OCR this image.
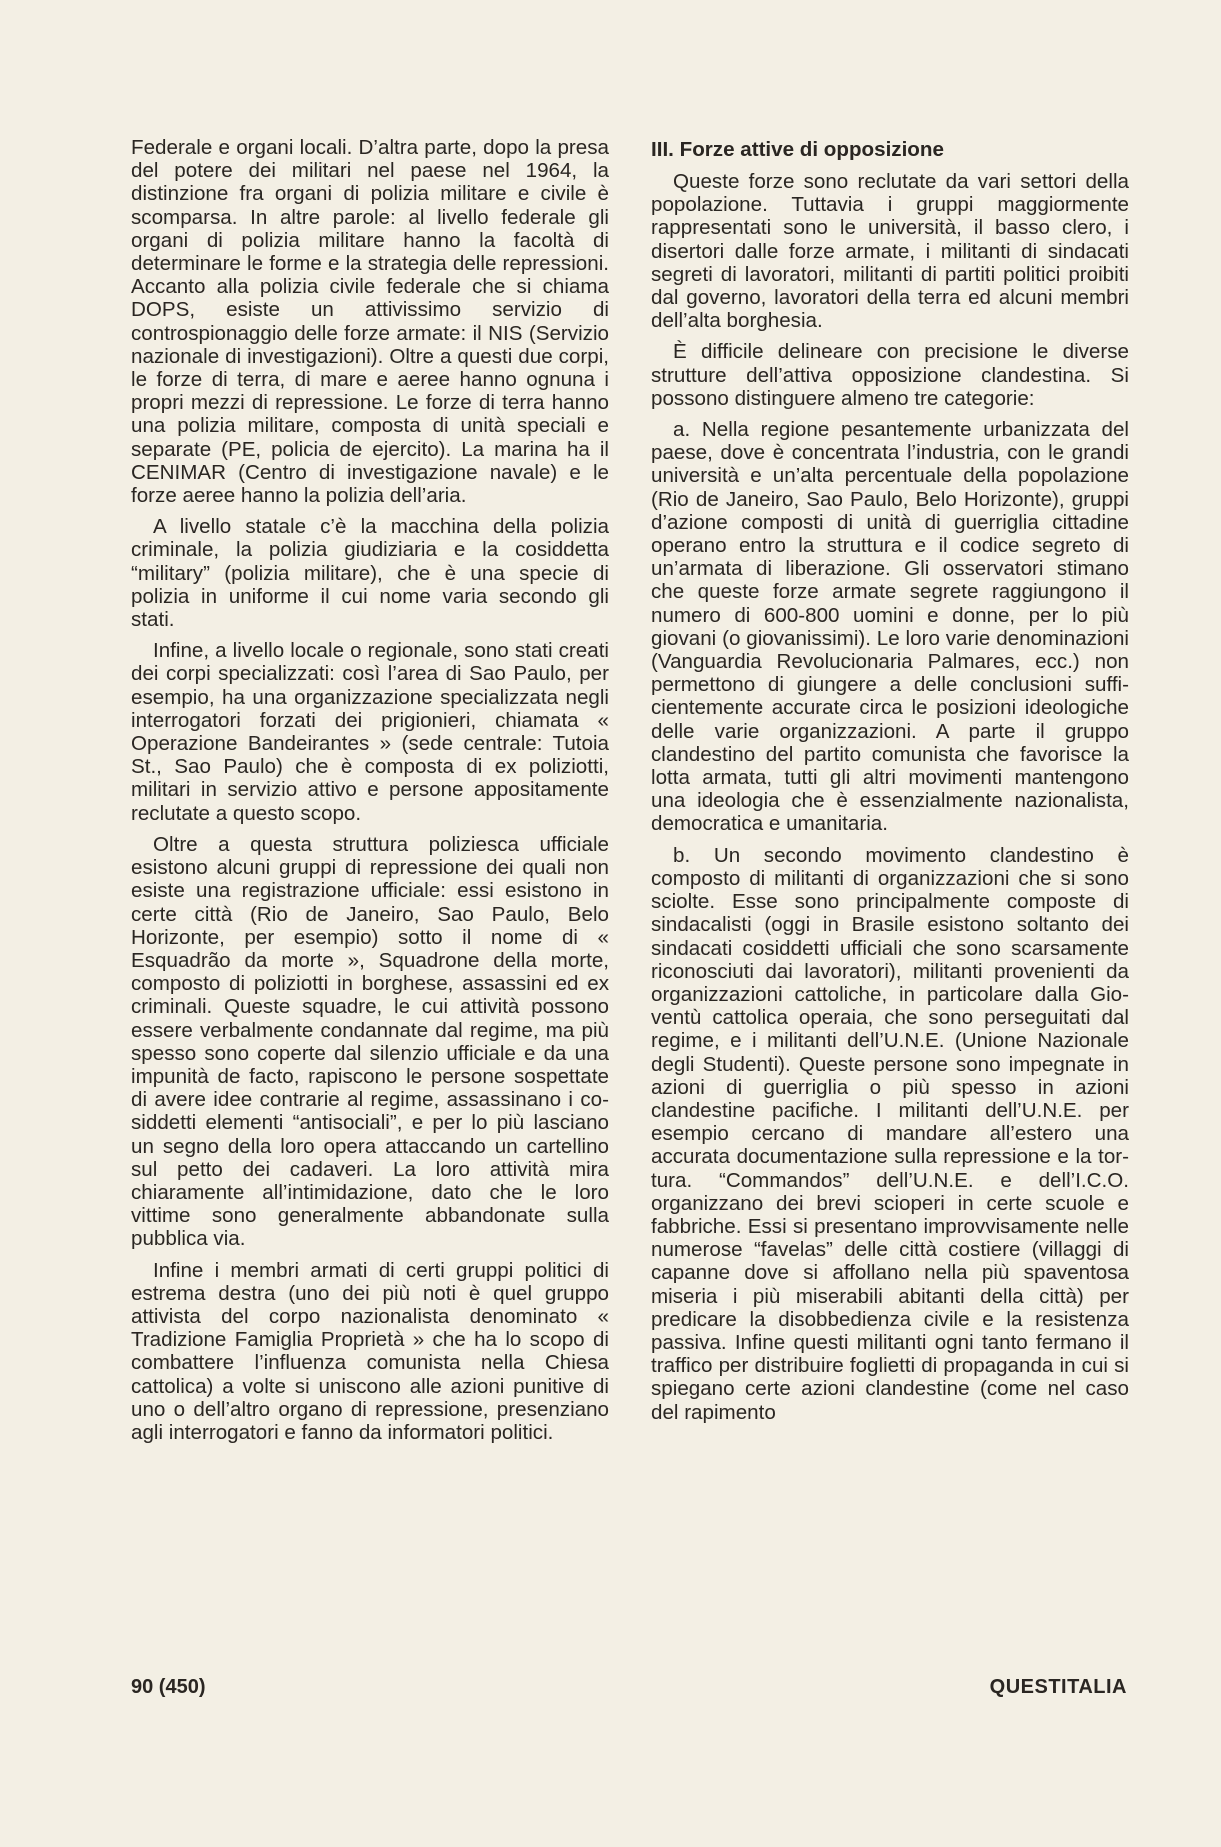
Federale e organi locali. D’altra parte, dopo la presa del potere dei militari nel paese nel 1964, la distinzione fra organi di polizia militare e civile è scomparsa. In altre parole: al livello federale gli organi di polizia militare hanno la facoltà di determinare le forme e la strategia delle repressioni. Accanto alla polizia civile federale che si chiama DOPS, esiste un attivissimo servizio di controspionaggio delle forze armate: il NIS (Servizio nazionale di investigazioni). Oltre a questi due corpi, le forze di terra, di mare e aeree hanno ognuna i propri mezzi di repressione. Le forze di terra hanno una polizia militare, composta di unità speciali e separate (PE, policia de ejercito). La marina ha il CENIMAR (Centro di investigazione navale) e le forze aeree hanno la polizia dell’aria.

A livello statale c’è la macchina della polizia criminale, la polizia giudiziaria e la cosiddetta “military” (polizia militare), che è una specie di polizia in uniforme il cui nome varia secondo gli stati.

Infine, a livello locale o regionale, sono stati creati dei corpi specializzati: così l’area di Sao Paulo, per esempio, ha una organizzazione specializzata negli interrogatori forzati dei prigionieri, chiamata « Operazione Bandeirantes » (sede centrale: Tutoia St., Sao Paulo) che è composta di ex poliziotti, militari in servizio attivo e persone appositamente reclutate a questo scopo.

Oltre a questa struttura poliziesca ufficiale esistono alcuni gruppi di repressione dei quali non esiste una registrazione ufficiale: essi esistono in certe città (Rio de Janeiro, Sao Paulo, Belo Horizonte, per esempio) sotto il nome di « Esquadrão da morte », Squadrone della morte, composto di poliziotti in borghese, assassini ed ex criminali. Queste squadre, le cui attività possono essere verbalmente condannate dal regime, ma più spesso sono coperte dal silenzio ufficiale e da una impunità de facto, rapiscono le persone sospettate di avere idee contrarie al regime, assassinano i cosiddetti elementi “antisociali”, e per lo più lasciano un segno della loro opera attaccando un cartellino sul petto dei cadaveri. La loro attività mira chiaramente all’intimidazione, dato che le loro vittime sono generalmente abbandonate sulla pubblica via.

Infine i membri armati di certi gruppi politici di estrema destra (uno dei più noti è quel gruppo attivista del corpo nazionalista denominato « Tradizione Famiglia Proprietà » che ha lo scopo di combattere l’influenza comunista nella Chiesa cattolica) a volte si uniscono alle azioni punitive di uno o dell’altro organo di repressione, presenziano agli interrogatori e fanno da informatori politici.

III. Forze attive di opposizione

Queste forze sono reclutate da vari settori della popolazione. Tuttavia i gruppi maggiormente rappresentati sono le università, il basso clero, i disertori dalle forze armate, i militanti di sindacati segreti di lavoratori, militanti di partiti politici proibiti dal governo, lavoratori della terra ed alcuni membri dell’alta borghesia.

È difficile delineare con precisione le diverse strutture dell’attiva opposizione clandestina. Si possono distinguere almeno tre categorie:

a. Nella regione pesantemente urbanizzata del paese, dove è concentrata l’industria, con le grandi università e un’alta percentuale della popolazione (Rio de Janeiro, Sao Paulo, Belo Horizonte), gruppi d’azione composti di unità di guerriglia cittadine operano entro la struttura e il codice segreto di un’armata di liberazione. Gli osservatori stimano che queste forze armate segrete raggiungono il numero di 600-800 uomini e donne, per lo più giovani (o giovanissimi). Le loro varie denominazioni (Vanguardia Revolucionaria Palmares, ecc.) non permettono di giungere a delle conclusioni sufficientemente accurate circa le posizioni ideologiche delle varie organizzazioni. A parte il gruppo clandestino del partito comunista che favorisce la lotta armata, tutti gli altri movimenti mantengono una ideologia che è essenzialmente nazionalista, democratica e umanitaria.

b. Un secondo movimento clandestino è composto di militanti di organizzazioni che si sono sciolte. Esse sono principalmente composte di sindacalisti (oggi in Brasile esistono soltanto dei sindacati cosiddetti ufficiali che sono scarsamente riconosciuti dai lavoratori), militanti provenienti da organizzazioni cattoliche, in particolare dalla Gioventù cattolica operaia, che sono perseguitati dal regime, e i militanti dell’U.N.E. (Unione Nazionale degli Studenti). Queste persone sono impegnate in azioni di guerriglia o più spesso in azioni clandestine pacifiche. I militanti dell’U.N.E. per esempio cercano di mandare all’estero una accurata documentazione sulla repressione e la tortura. “Commandos” dell’U.N.E. e dell’I.C.O. organizzano dei brevi scioperi in certe scuole e fabbriche. Essi si presentano improvvisamente nelle numerose “favelas” delle città costiere (villaggi di capanne dove si affollano nella più spaventosa miseria i più miserabili abitanti della città) per predicare la disobbedienza civile e la resistenza passiva. Infine questi militanti ogni tanto fermano il traffico per distribuire foglietti di propaganda in cui si spiegano certe azioni clandestine (come nel caso del rapimento

90 (450)	QUESTITALIA
